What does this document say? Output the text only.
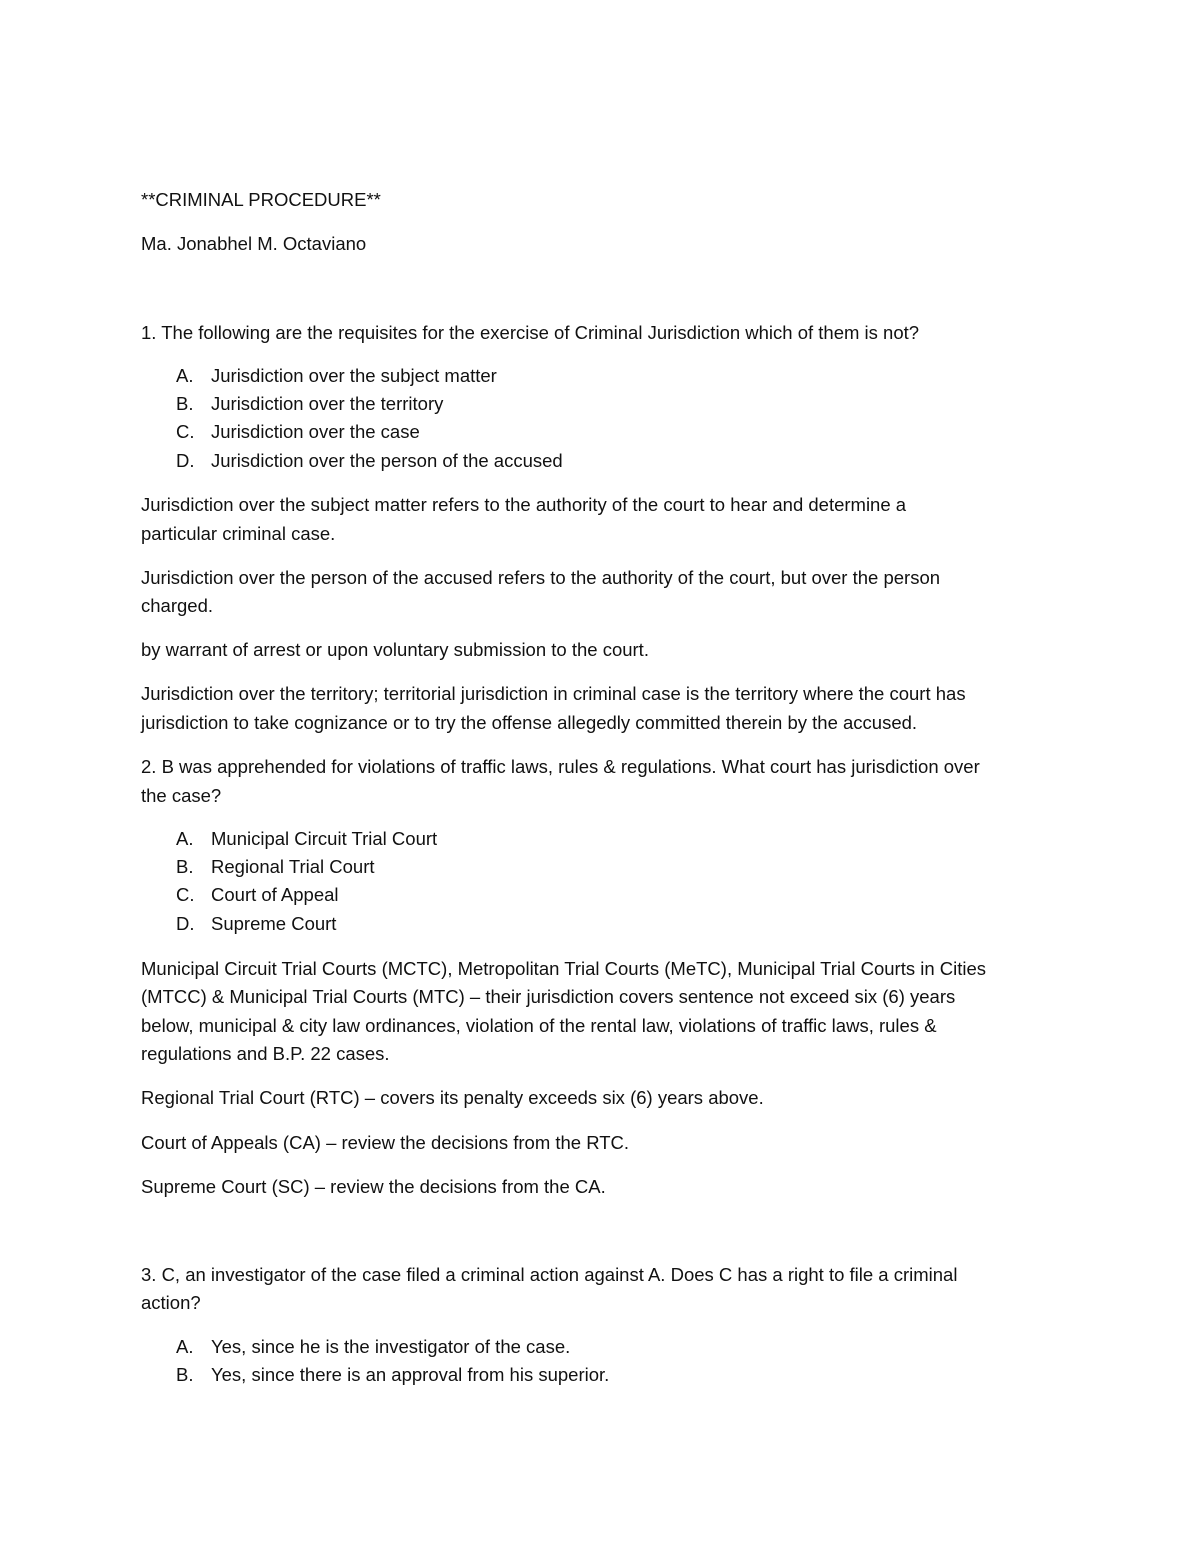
**CRIMINAL PROCEDURE**

Ma. Jonabhel M. Octaviano

1. The following are the requisites for the exercise of Criminal Jurisdiction which of them is not?

A. Jurisdiction over the subject matter
B. Jurisdiction over the territory
C. Jurisdiction over the case
D. Jurisdiction over the person of the accused

Jurisdiction over the subject matter refers to the authority of the court to hear and determine a

particular criminal case.

Jurisdiction over the person of the accused refers to the authority of the court, but over the person

charged.

by warrant of arrest or upon voluntary submission to the court.

Jurisdiction over the territory; territorial jurisdiction in criminal case is the territory where the court has

jurisdiction to take cognizance or to try the offense allegedly committed therein by the accused.

2. B was apprehended for violations of traffic laws, rules & regulations. What court has jurisdiction over

the case?

A. Municipal Circuit Trial Court
B. Regional Trial Court
C. Court of Appeal
D. Supreme Court

Municipal Circuit Trial Courts (MCTC), Metropolitan Trial Courts (MeTC), Municipal Trial Courts in Cities

(MTCC) & Municipal Trial Courts (MTC) – their jurisdiction covers sentence not exceed six (6) years

below, municipal & city law ordinances, violation of the rental law, violations of traffic laws, rules &

regulations and B.P. 22 cases.

Regional Trial Court (RTC) – covers its penalty exceeds six (6) years above.

Court of Appeals (CA) – review the decisions from the RTC.

Supreme Court (SC) – review the decisions from the CA.

3. C, an investigator of the case filed a criminal action against A. Does C has a right to file a criminal

action?

A. Yes, since he is the investigator of the case.
B. Yes, since there is an approval from his superior.
